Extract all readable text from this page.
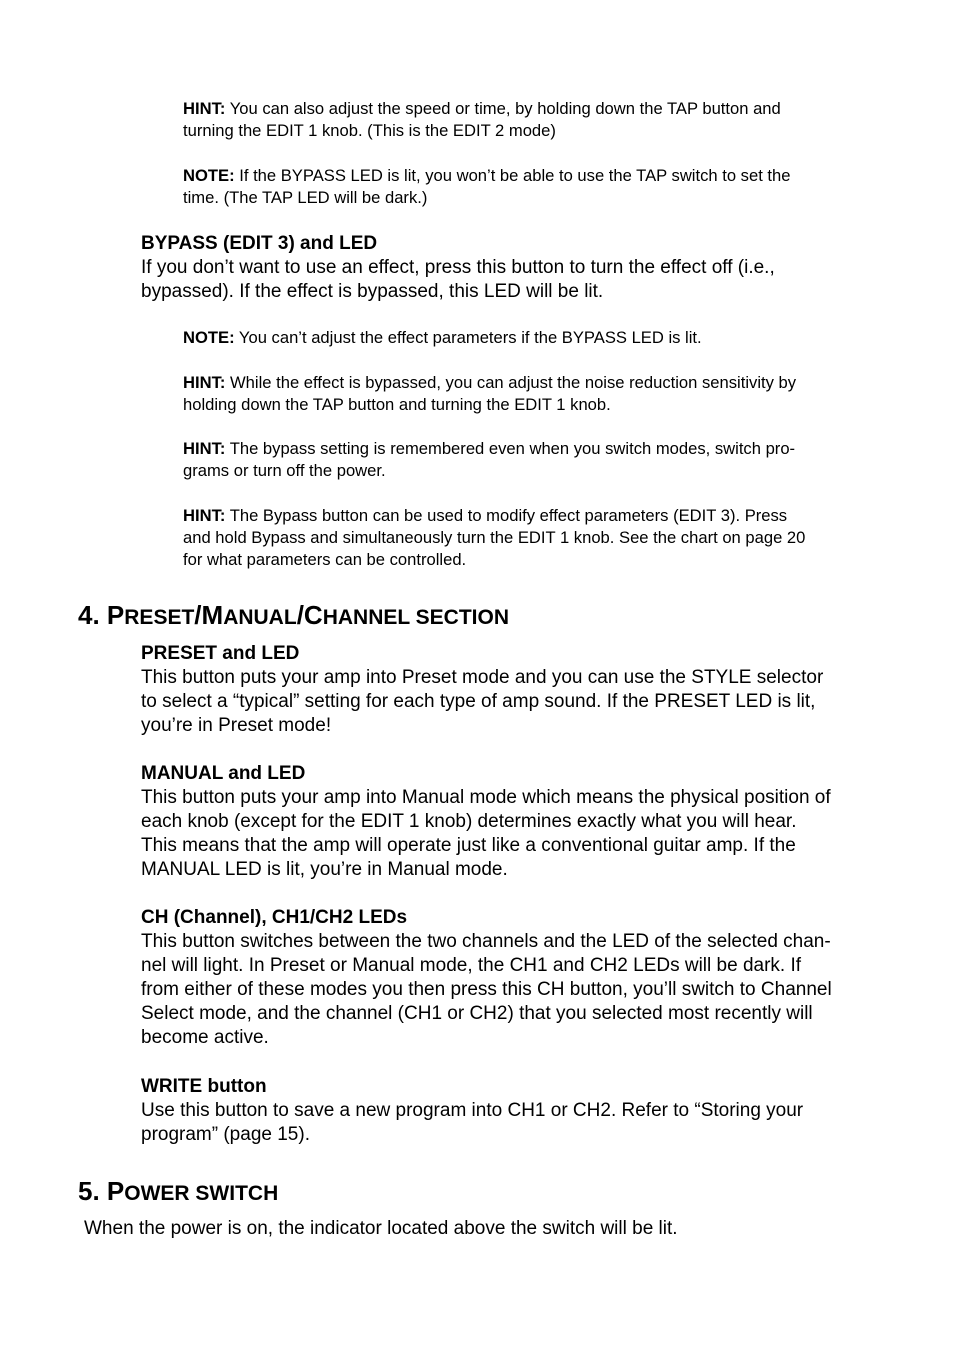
HINT: You can also adjust the speed or time, by holding down the TAP button and
turning the EDIT 1 knob. (This is the EDIT 2 mode)
NOTE: If the BYPASS LED is lit, you won’t be able to use the TAP switch to set the
time. (The TAP LED will be dark.)
BYPASS (EDIT 3) and LED
If you don’t want to use an effect, press this button to turn the effect off (i.e.,
bypassed). If the effect is bypassed, this LED will be lit.
NOTE: You can’t adjust the effect parameters if the BYPASS LED is lit.
HINT: While the effect is bypassed, you can adjust the noise reduction sensitivity by
holding down the TAP button and turning the EDIT 1 knob.
HINT: The bypass setting is remembered even when you switch modes, switch pro-
grams or turn off the power.
HINT: The Bypass button can be used to modify effect parameters (EDIT 3). Press
and hold Bypass and simultaneously turn the EDIT 1 knob. See the chart on page 20
for what parameters can be controlled.
4. PRESET/MANUAL/CHANNEL SECTION
PRESET and LED
This button puts your amp into Preset mode and you can use the STYLE selector
to select a “typical” setting for each type of amp sound. If the PRESET LED is lit,
you’re in Preset mode!
MANUAL and LED
This button puts your amp into Manual mode which means the physical position of
each knob (except for the EDIT 1 knob) determines exactly what you will hear.
This means that the amp will operate just like a conventional guitar amp. If the
MANUAL LED is lit, you’re in Manual mode.
CH (Channel), CH1/CH2 LEDs
This button switches between the two channels and the LED of the selected chan-
nel will light. In Preset or Manual mode, the CH1 and CH2 LEDs will be dark. If
from either of these modes you then press this CH button, you’ll switch to Channel
Select mode, and the channel (CH1 or CH2) that you selected most recently will
become active.
WRITE button
Use this button to save a new program into CH1 or CH2. Refer to “Storing your
program” (page 15).
5. POWER SWITCH
When the power is on, the indicator located above the switch will be lit.
